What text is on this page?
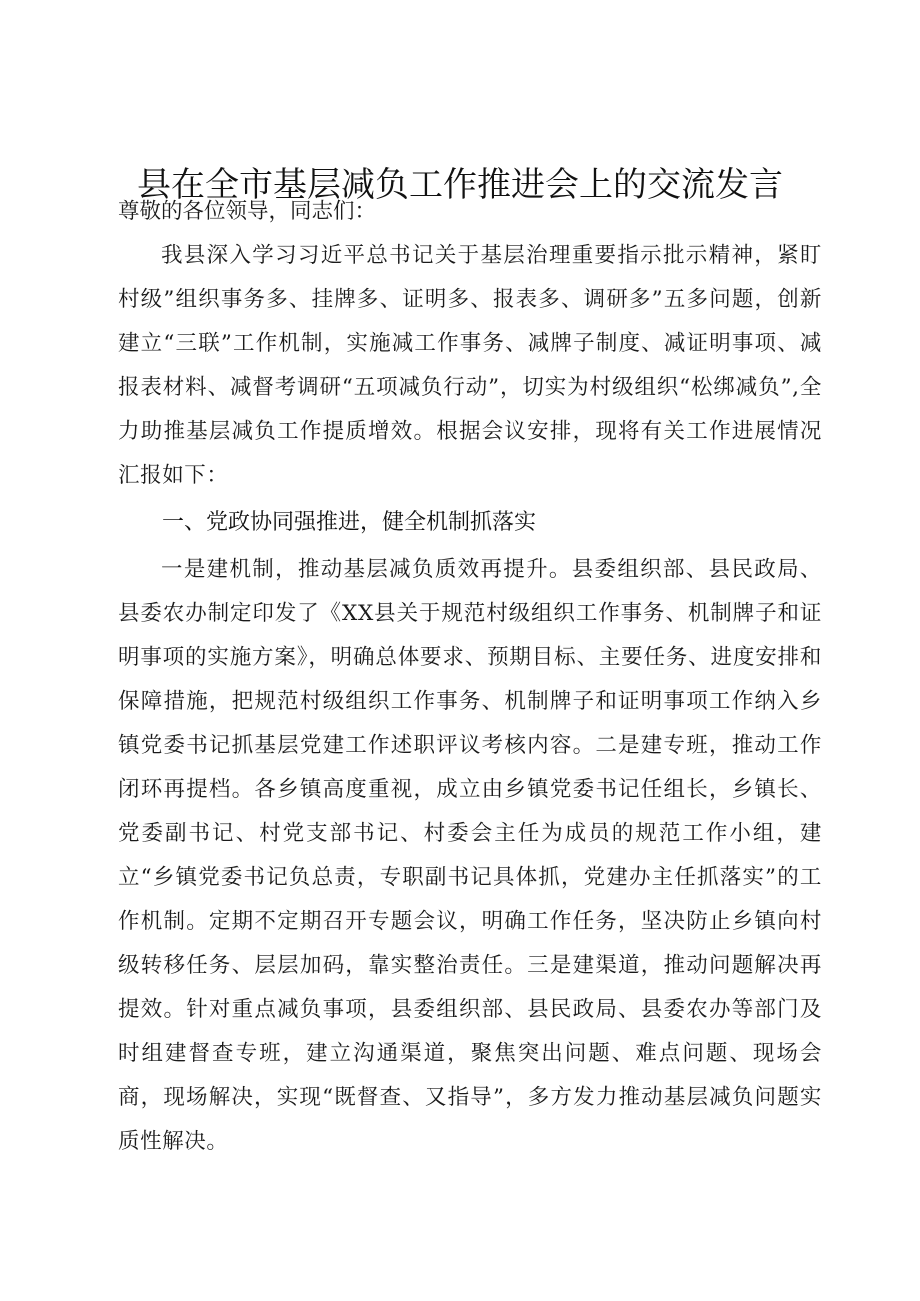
县在全市基层减负工作推进会上的交流发言

尊敬的各位领导，同志们：

我县深入学习习近平总书记关于基层治理重要指示批示精神，紧盯村级”组织事务多、挂牌多、证明多、报表多、调研多”五多问题，创新建立“三联”工作机制，实施减工作事务、减牌子制度、减证明事项、减报表材料、减督考调研“五项减负行动”，切实为村级组织“松绑减负”,全力助推基层减负工作提质增效。根据会议安排，现将有关工作进展情况汇报如下：

一、党政协同强推进，健全机制抓落实

一是建机制，推动基层减负质效再提升。县委组织部、县民政局、县委农办制定印发了《XX县关于规范村级组织工作事务、机制牌子和证明事项的实施方案》，明确总体要求、预期目标、主要任务、进度安排和保障措施，把规范村级组织工作事务、机制牌子和证明事项工作纳入乡镇党委书记抓基层党建工作述职评议考核内容。二是建专班，推动工作闭环再提档。各乡镇高度重视，成立由乡镇党委书记任组长，乡镇长、党委副书记、村党支部书记、村委会主任为成员的规范工作小组，建立“乡镇党委书记负总责，专职副书记具体抓，党建办主任抓落实”的工作机制。定期不定期召开专题会议，明确工作任务，坚决防止乡镇向村级转移任务、层层加码，靠实整治责任。三是建渠道，推动问题解决再提效。针对重点减负事项，县委组织部、县民政局、县委农办等部门及时组建督查专班，建立沟通渠道，聚焦突出问题、难点问题、现场会商，现场解决，实现“既督查、又指导”，多方发力推动基层减负问题实质性解决。
